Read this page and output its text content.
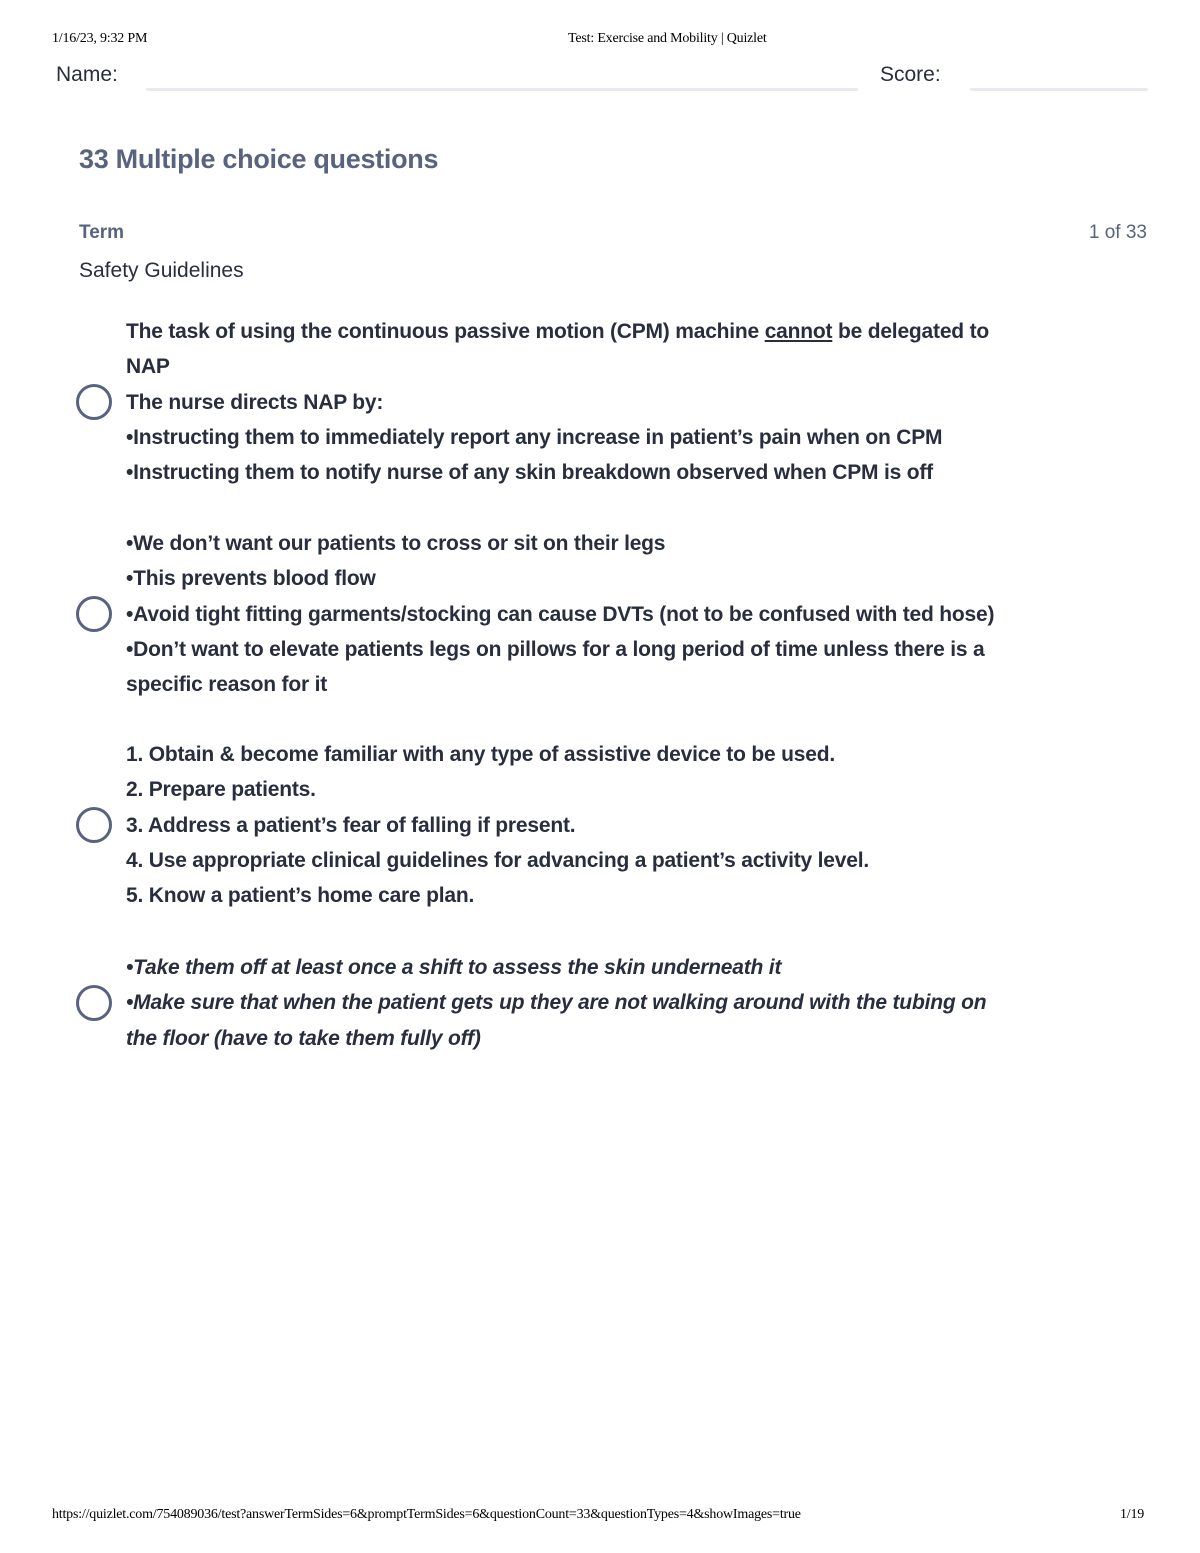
1/16/23, 9:32 PM	Test: Exercise and Mobility | Quizlet
Name:	Score:
33 Multiple choice questions
Term	1 of 33
Safety Guidelines
The task of using the continuous passive motion (CPM) machine cannot be delegated to
NAP
The nurse directs NAP by:
•Instructing them to immediately report any increase in patient’s pain when on CPM
•Instructing them to notify nurse of any skin breakdown observed when CPM is off
•We don’t want our patients to cross or sit on their legs
•This prevents blood flow
•Avoid tight fitting garments/stocking can cause DVTs (not to be confused with ted hose)
•Don’t want to elevate patients legs on pillows for a long period of time unless there is a
specific reason for it
1. Obtain & become familiar with any type of assistive device to be used.
2. Prepare patients.
3. Address a patient’s fear of falling if present.
4. Use appropriate clinical guidelines for advancing a patient’s activity level.
5. Know a patient’s home care plan.
•Take them off at least once a shift to assess the skin underneath it
•Make sure that when the patient gets up they are not walking around with the tubing on
the floor (have to take them fully off)
https://quizlet.com/754089036/test?answerTermSides=6&promptTermSides=6&questionCount=33&questionTypes=4&showImages=true	1/19
